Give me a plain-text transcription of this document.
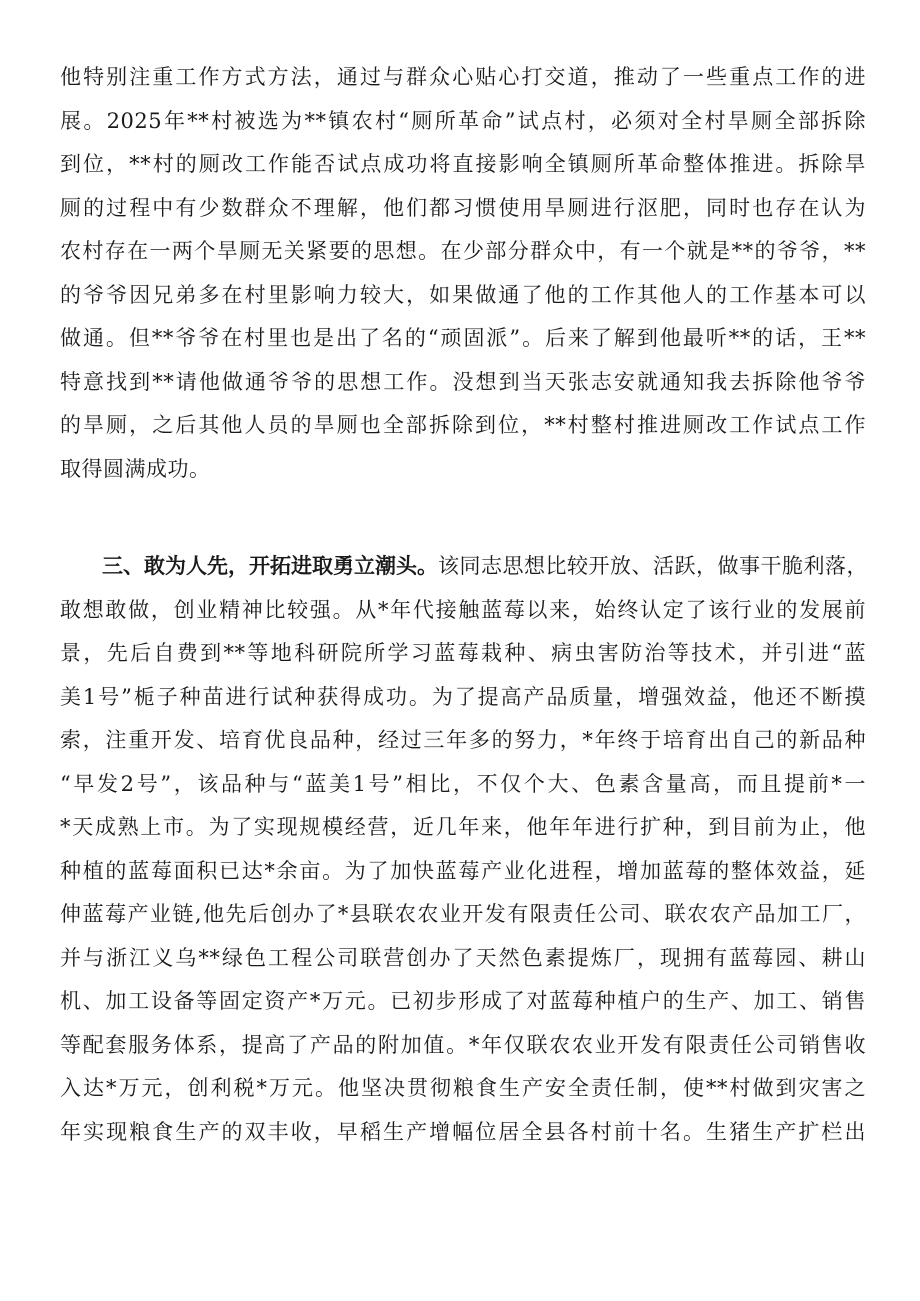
他特别注重工作方式方法，通过与群众心贴心打交道，推动了一些重点工作的进
展。2025年**村被选为**镇农村“厕所革命”试点村，必须对全村旱厕全部拆除
到位，**村的厕改工作能否试点成功将直接影响全镇厕所革命整体推进。拆除旱
厕的过程中有少数群众不理解，他们都习惯使用旱厕进行沤肥，同时也存在认为
农村存在一两个旱厕无关紧要的思想。在少部分群众中，有一个就是**的爷爷，**
的爷爷因兄弟多在村里影响力较大，如果做通了他的工作其他人的工作基本可以
做通。但**爷爷在村里也是出了名的“顽固派”。后来了解到他最听**的话，王**
特意找到**请他做通爷爷的思想工作。没想到当天张志安就通知我去拆除他爷爷
的旱厕，之后其他人员的旱厕也全部拆除到位，**村整村推进厕改工作试点工作
取得圆满成功。
三、敢为人先，开拓进取勇立潮头。该同志思想比较开放、活跃，做事干脆利落，
敢想敢做，创业精神比较强。从*年代接触蓝莓以来，始终认定了该行业的发展前
景，先后自费到**等地科研院所学习蓝莓栽种、病虫害防治等技术，并引进“蓝
美1号”栀子种苗进行试种获得成功。为了提高产品质量，增强效益，他还不断摸
索，注重开发、培育优良品种，经过三年多的努力，*年终于培育出自己的新品种
“早发2号”，该品种与“蓝美1号”相比，不仅个大、色素含量高，而且提前*一
*天成熟上市。为了实现规模经营，近几年来，他年年进行扩种，到目前为止，他
种植的蓝莓面积已达*余亩。为了加快蓝莓产业化进程，增加蓝莓的整体效益，延
伸蓝莓产业链,他先后创办了*县联农农业开发有限责任公司、联农农产品加工厂，
并与浙江义乌**绿色工程公司联营创办了天然色素提炼厂，现拥有蓝莓园、耕山
机、加工设备等固定资产*万元。已初步形成了对蓝莓种植户的生产、加工、销售
等配套服务体系，提高了产品的附加值。*年仅联农农业开发有限责任公司销售收
入达*万元，创利税*万元。他坚决贯彻粮食生产安全责任制，使**村做到灾害之
年实现粮食生产的双丰收，早稻生产增幅位居全县各村前十名。生猪生产扩栏出
